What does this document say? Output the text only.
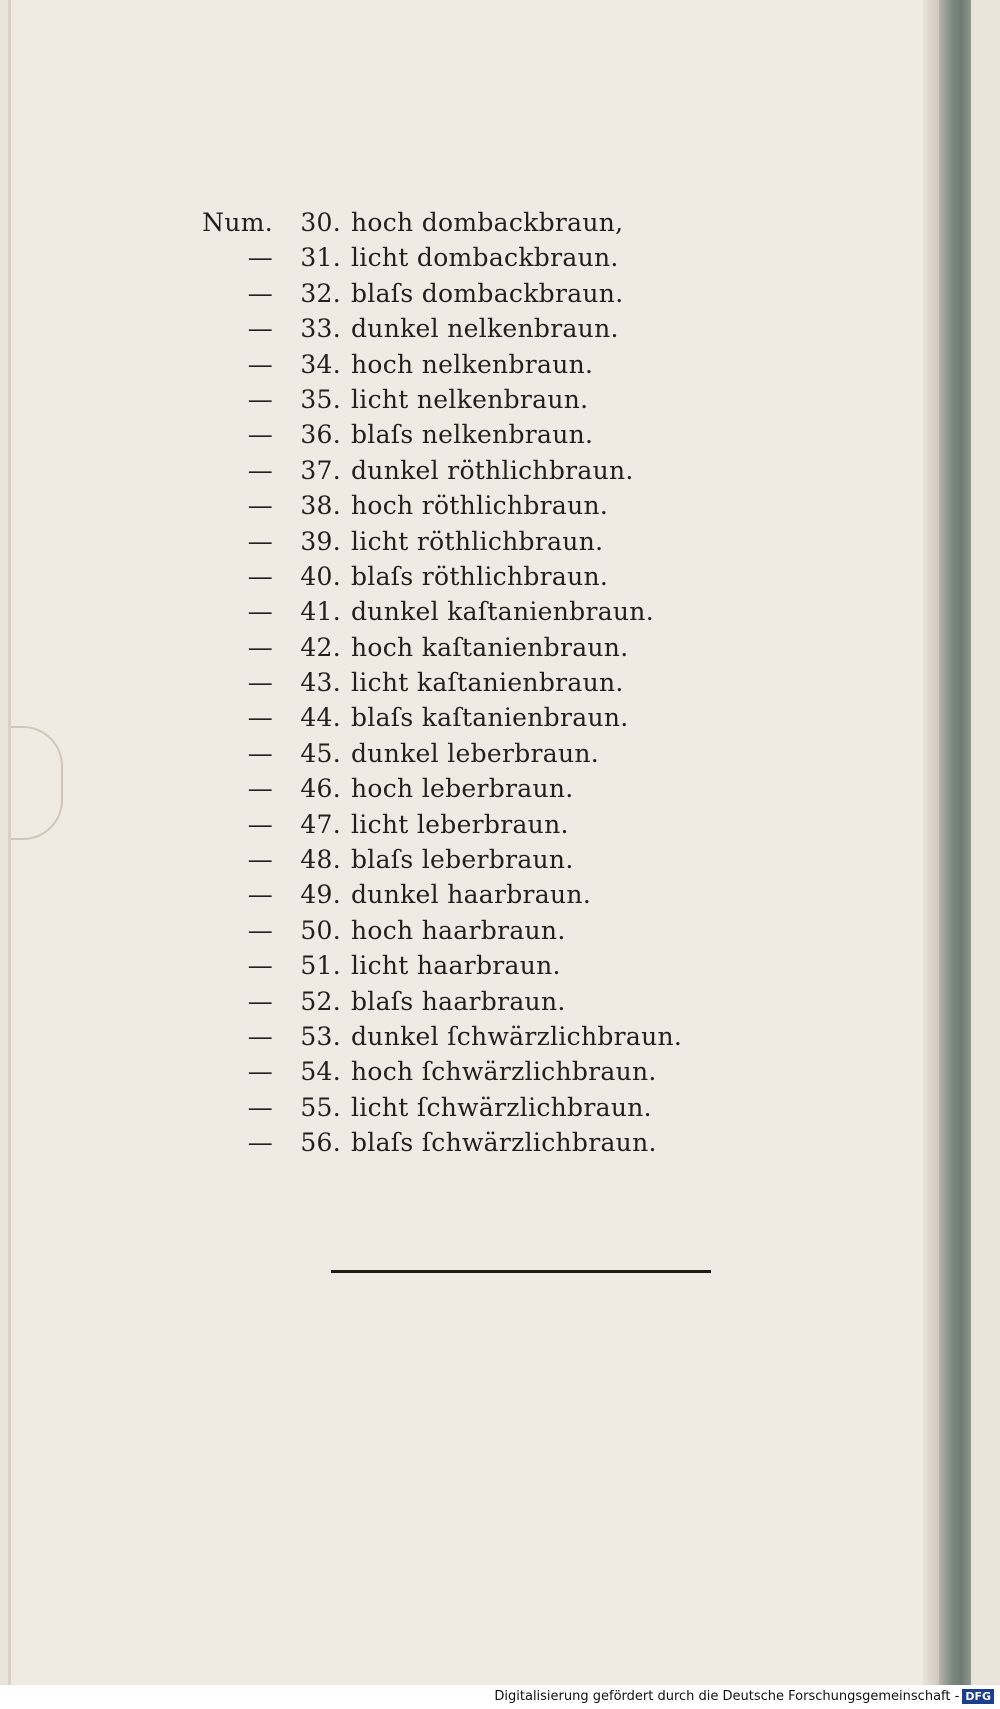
Num.	30. hoch dombackbraun,
—	31. licht dombackbraun.
—	32. blaſs dombackbraun.
—	33. dunkel nelkenbraun.
—	34. hoch nelkenbraun.
—	35. licht nelkenbraun.
—	36. blaſs nelkenbraun.
—	37. dunkel röthlichbraun.
—	38. hoch röthlichbraun.
—	39. licht röthlichbraun.
—	40. blaſs röthlichbraun.
—	41. dunkel kaſtanienbraun.
—	42. hoch kaſtanienbraun.
—	43. licht kaſtanienbraun.
—	44. blaſs kaſtanienbraun.
—	45. dunkel leberbraun.
—	46. hoch leberbraun.
—	47. licht leberbraun.
—	48. blaſs leberbraun.
—	49. dunkel haarbraun.
—	50. hoch haarbraun.
—	51. licht haarbraun.
—	52. blaſs haarbraun.
—	53. dunkel ſchwärzlichbraun.
—	54. hoch ſchwärzlichbraun.
—	55. licht ſchwärzlichbraun.
—	56. blaſs ſchwärzlichbraun.
Digitalisierung gefördert durch die Deutsche Forschungsgemeinschaft - DFG
